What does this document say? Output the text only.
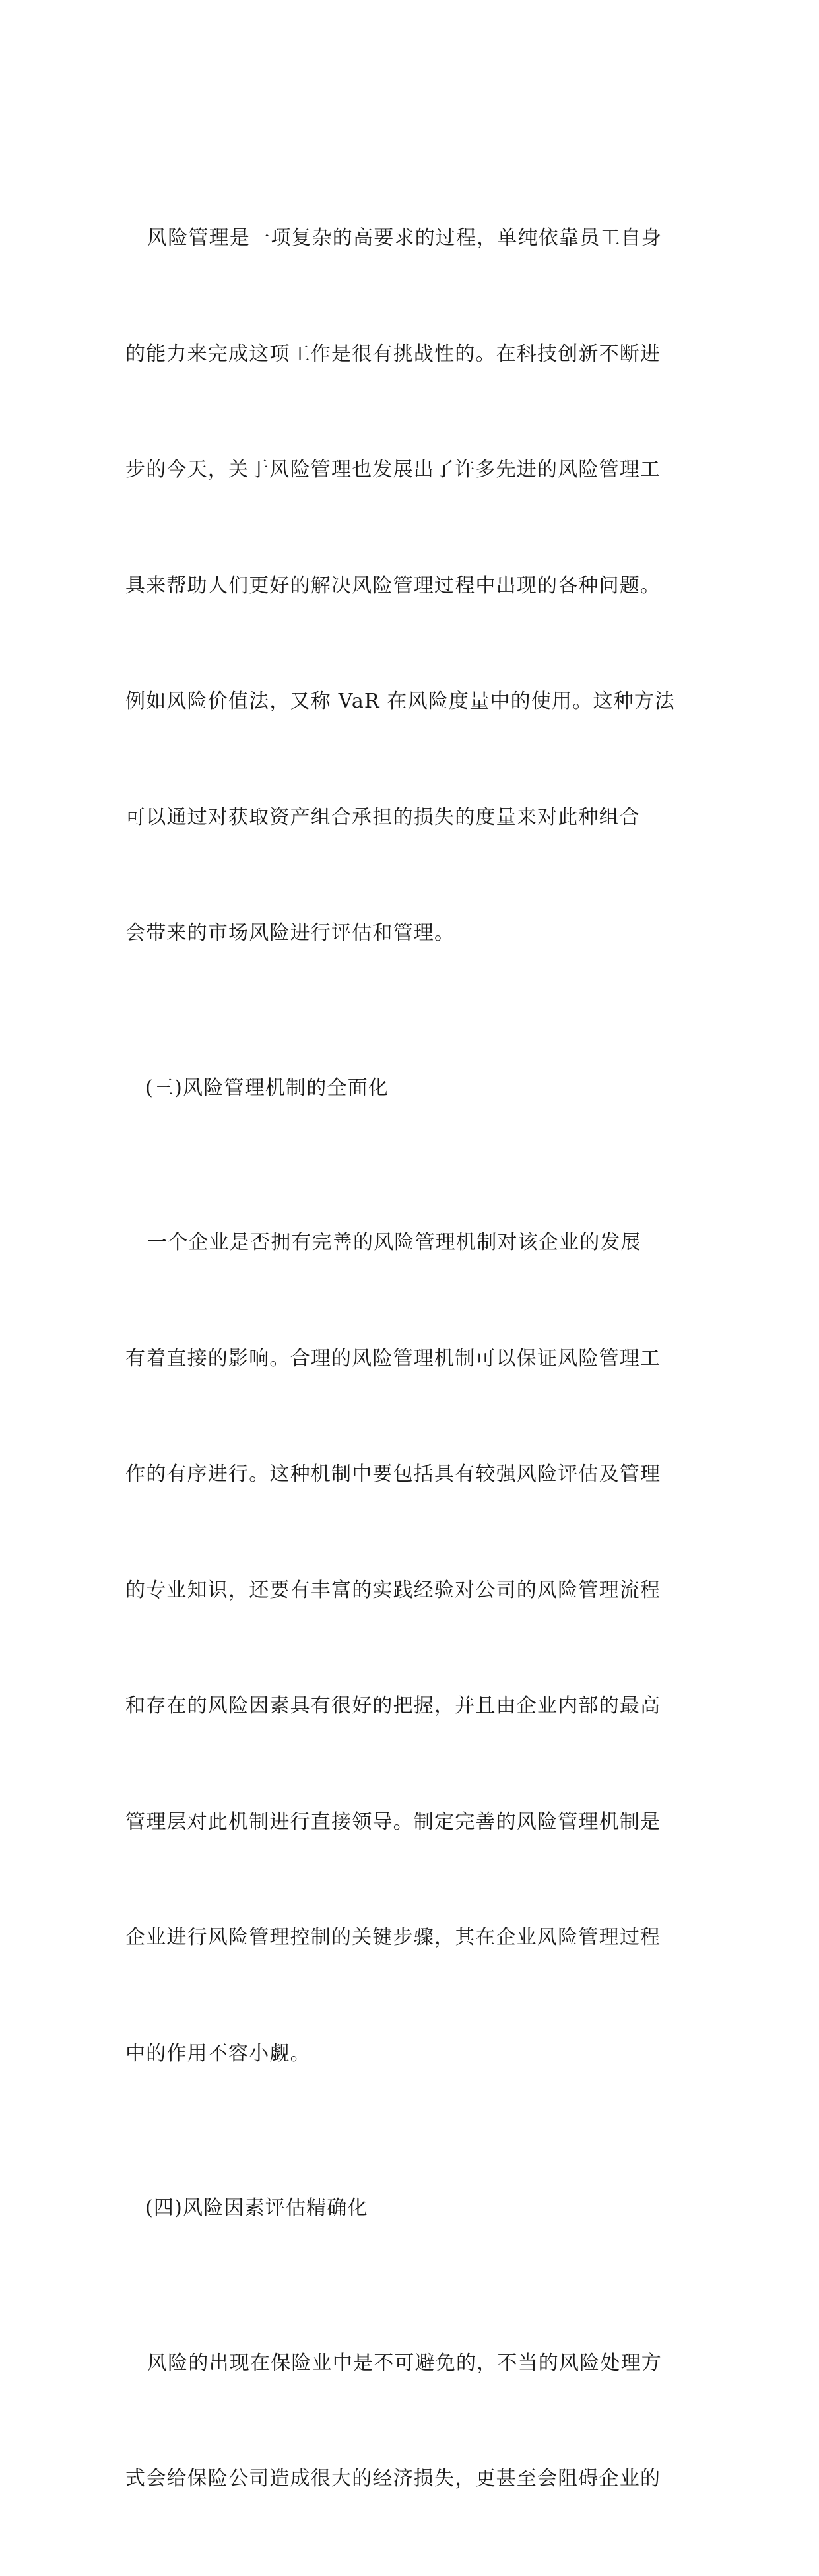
风险管理是一项复杂的高要求的过程，单纯依靠员工自身

的能力来完成这项工作是很有挑战性的。在科技创新不断进

步的今天，关于风险管理也发展出了许多先进的风险管理工

具来帮助人们更好的解决风险管理过程中出现的各种问题。

例如风险价值法，又称 VaR 在风险度量中的使用。这种方法

可以通过对获取资产组合承担的损失的度量来对此种组合

会带来的市场风险进行评估和管理。

(三)风险管理机制的全面化

一个企业是否拥有完善的风险管理机制对该企业的发展

有着直接的影响。合理的风险管理机制可以保证风险管理工

作的有序进行。这种机制中要包括具有较强风险评估及管理

的专业知识，还要有丰富的实践经验对公司的风险管理流程

和存在的风险因素具有很好的把握，并且由企业内部的最高

管理层对此机制进行直接领导。制定完善的风险管理机制是

企业进行风险管理控制的关键步骤，其在企业风险管理过程

中的作用不容小觑。

(四)风险因素评估精确化

风险的出现在保险业中是不可避免的，不当的风险处理方

式会给保险公司造成很大的经济损失，更甚至会阻碍企业的
